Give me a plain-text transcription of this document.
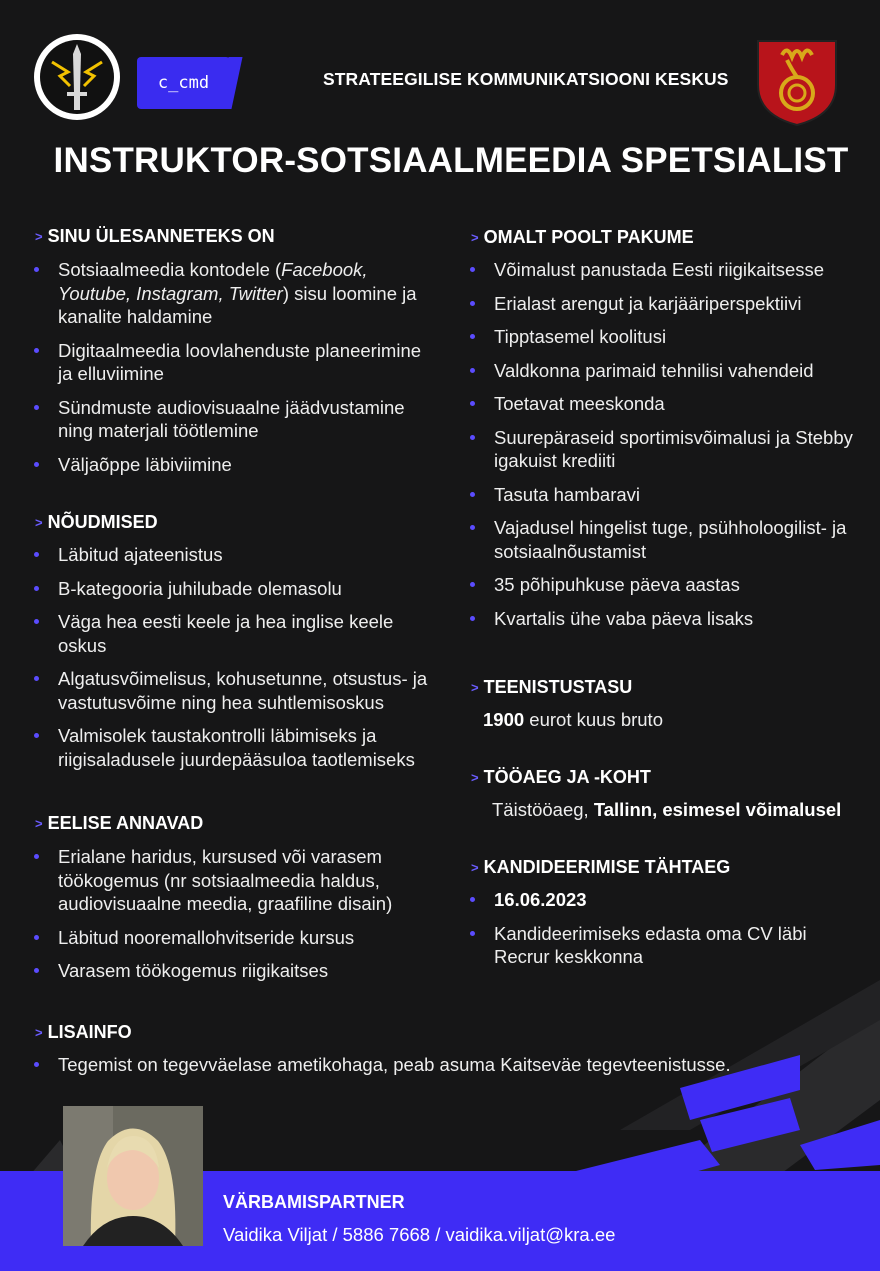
c_cmd	STRATEEGILISE KOMMUNIKATSIOONI KESKUS
INSTRUKTOR-SOTSIAALMEEDIA SPETSIALIST
> SINU ÜLESANNETEKS ON
Sotsiaalmeedia kontodele (Facebook, Youtube, Instagram, Twitter) sisu loomine ja kanalite haldamine
Digitaalmeedia loovlahenduste planeerimine ja elluviimine
Sündmuste audiovisuaalne jäädvustamine ning materjali töötlemine
Väljaõppe läbiviimine
> NÕUDMISED
Läbitud ajateenistus
B-kategooria juhilubade olemasolu
Väga hea eesti keele ja hea inglise keele oskus
Algatusvõimelisus, kohusetunne, otsustus- ja vastutusvõime ning hea suhtlemisoskus
Valmisolek taustakontrolli läbimiseks ja riigisaladusele juurdepääsuloa taotlemiseks
> EELISE ANNAVAD
Erialane haridus, kursused või varasem töökogemus (nr sotsiaalmeedia haldus, audiovisuaalne meedia, graafiline disain)
Läbitud nooremallohvitseride kursus
Varasem töökogemus riigikaitses
> OMALT POOLT PAKUME
Võimalust panustada Eesti riigikaitsesse
Erialast arengut ja karjääriperspektiivi
Tipptasemel koolitusi
Valdkonna parimaid tehnilisi vahendeid
Toetavat meeskonda
Suurepäraseid sportimisvõimalusi ja Stebby igakuist krediiti
Tasuta hambaravi
Vajadusel hingelist tuge, psühholoogilist- ja sotsiaalnõustamist
35 põhipuhkuse päeva aastas
Kvartalis ühe vaba päeva lisaks
> TEENISTUSTASU
1900 eurot kuus bruto
> TÖÖAEG JA -KOHT
Täistööaeg, Tallinn, esimesel võimalusel
> KANDIDEERIMISE TÄHTAEG
16.06.2023
Kandideerimiseks edasta oma CV läbi Recrur keskkonna
> LISAINFO
Tegemist on tegevväelase ametikohaga, peab asuma Kaitseväe tegevteenistusse.
VÄRBAMISPARTNER
Vaidika Viljat / 5886 7668 / vaidika.viljat@kra.ee
